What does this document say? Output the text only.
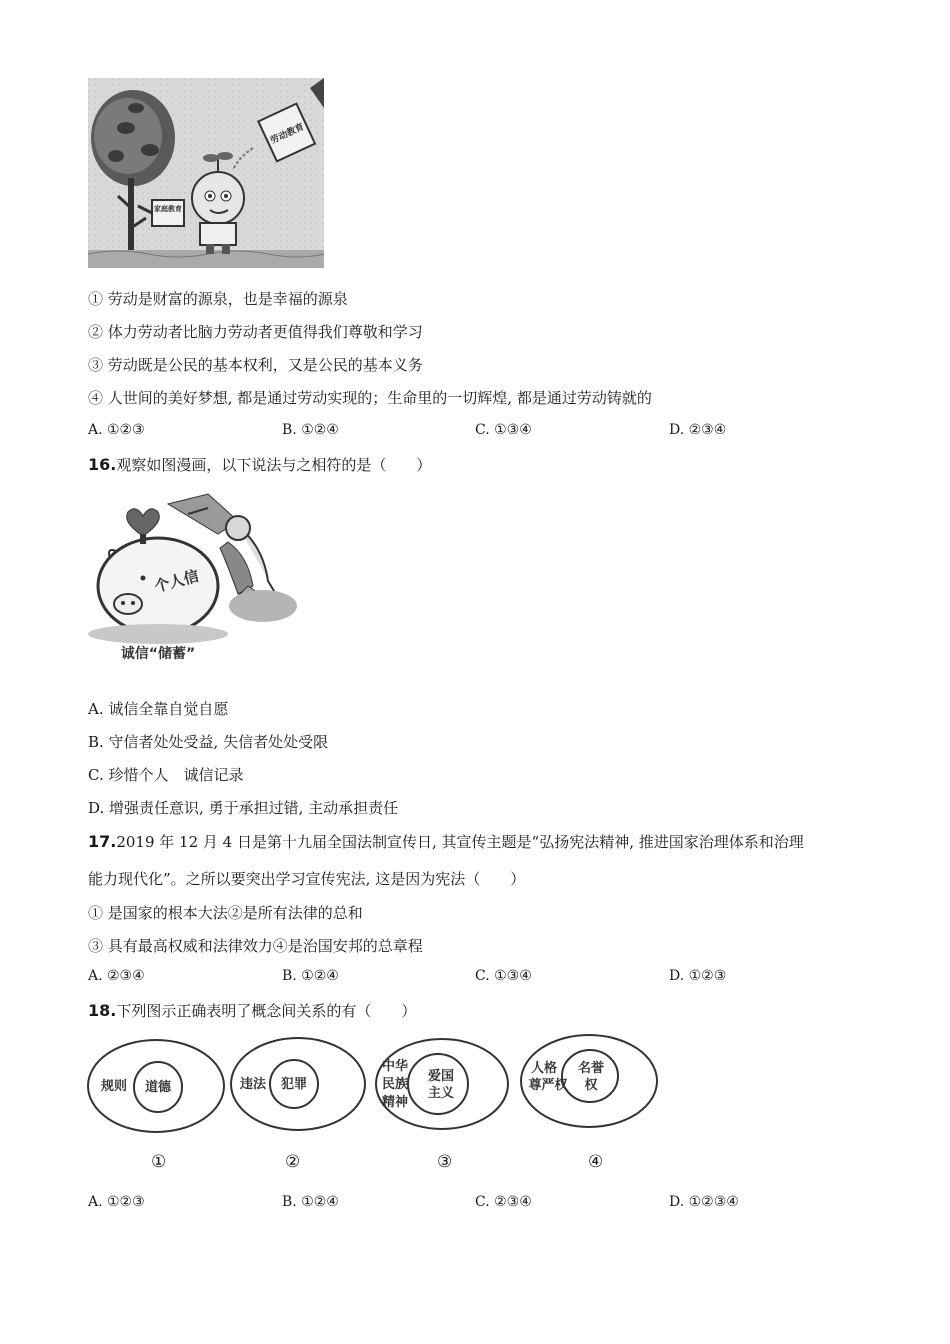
家庭教育
劳动教育
① 劳动是财富的源泉，也是幸福的源泉
② 体力劳动者比脑力劳动者更值得我们尊敬和学习
③ 劳动既是公民的基本权利，又是公民的基本义务
④ 人世间的美好梦想, 都是通过劳动实现的；生命里的一切辉煌, 都是通过劳动铸就的
A. ①②③	B. ①②④	C. ①③④	D. ②③④
16.观察如图漫画，以下说法与之相符的是（　　）
个人信
诚信“储蓄”
A. 诚信全靠自觉自愿
B. 守信者处处受益, 失信者处处受限
C. 珍惜个人　诚信记录
D. 增强责任意识, 勇于承担过错, 主动承担责任
17.2019 年 12 月 4 日是第十九届全国法制宣传日, 其宣传主题是“弘扬宪法精神, 推进国家治理体系和治理
能力现代化”。之所以要突出学习宣传宪法, 这是因为宪法（　　）
① 是国家的根本大法②是所有法律的总和
③ 具有最高权威和法律效力④是治国安邦的总章程
A. ②③④	B. ①②④	C. ①③④	D. ①②③
18.下列图示正确表明了概念间关系的有（　　）
规则 道德	违法 犯罪
中华
民族
精神
爱国
主义
人格
尊严权
名誉
权
①	②	③	④
A. ①②③	B. ①②④	C. ②③④	D. ①②③④
